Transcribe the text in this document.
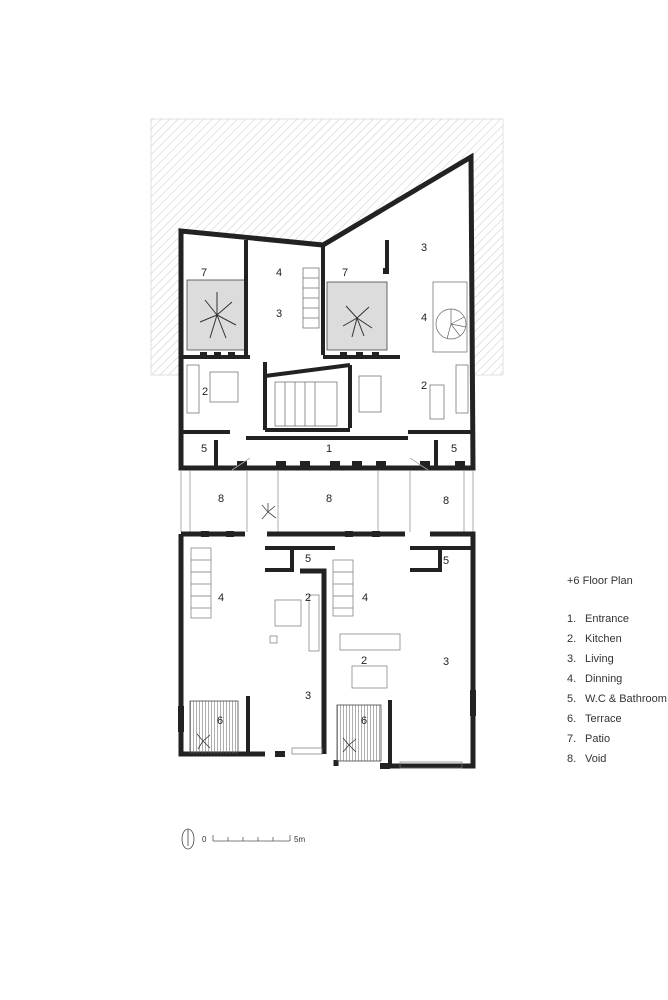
7	4
3
7
3
4
2	2
5	1	5
8	8	8
5
2
4
5
4
2	3
3
6	6
0	5m
+6 Floor Plan
1. Entrance
2. Kitchen
3. Living
4. Dinning
5. W.C & Bathroom
6. Terrace
7. Patio
8. Void
